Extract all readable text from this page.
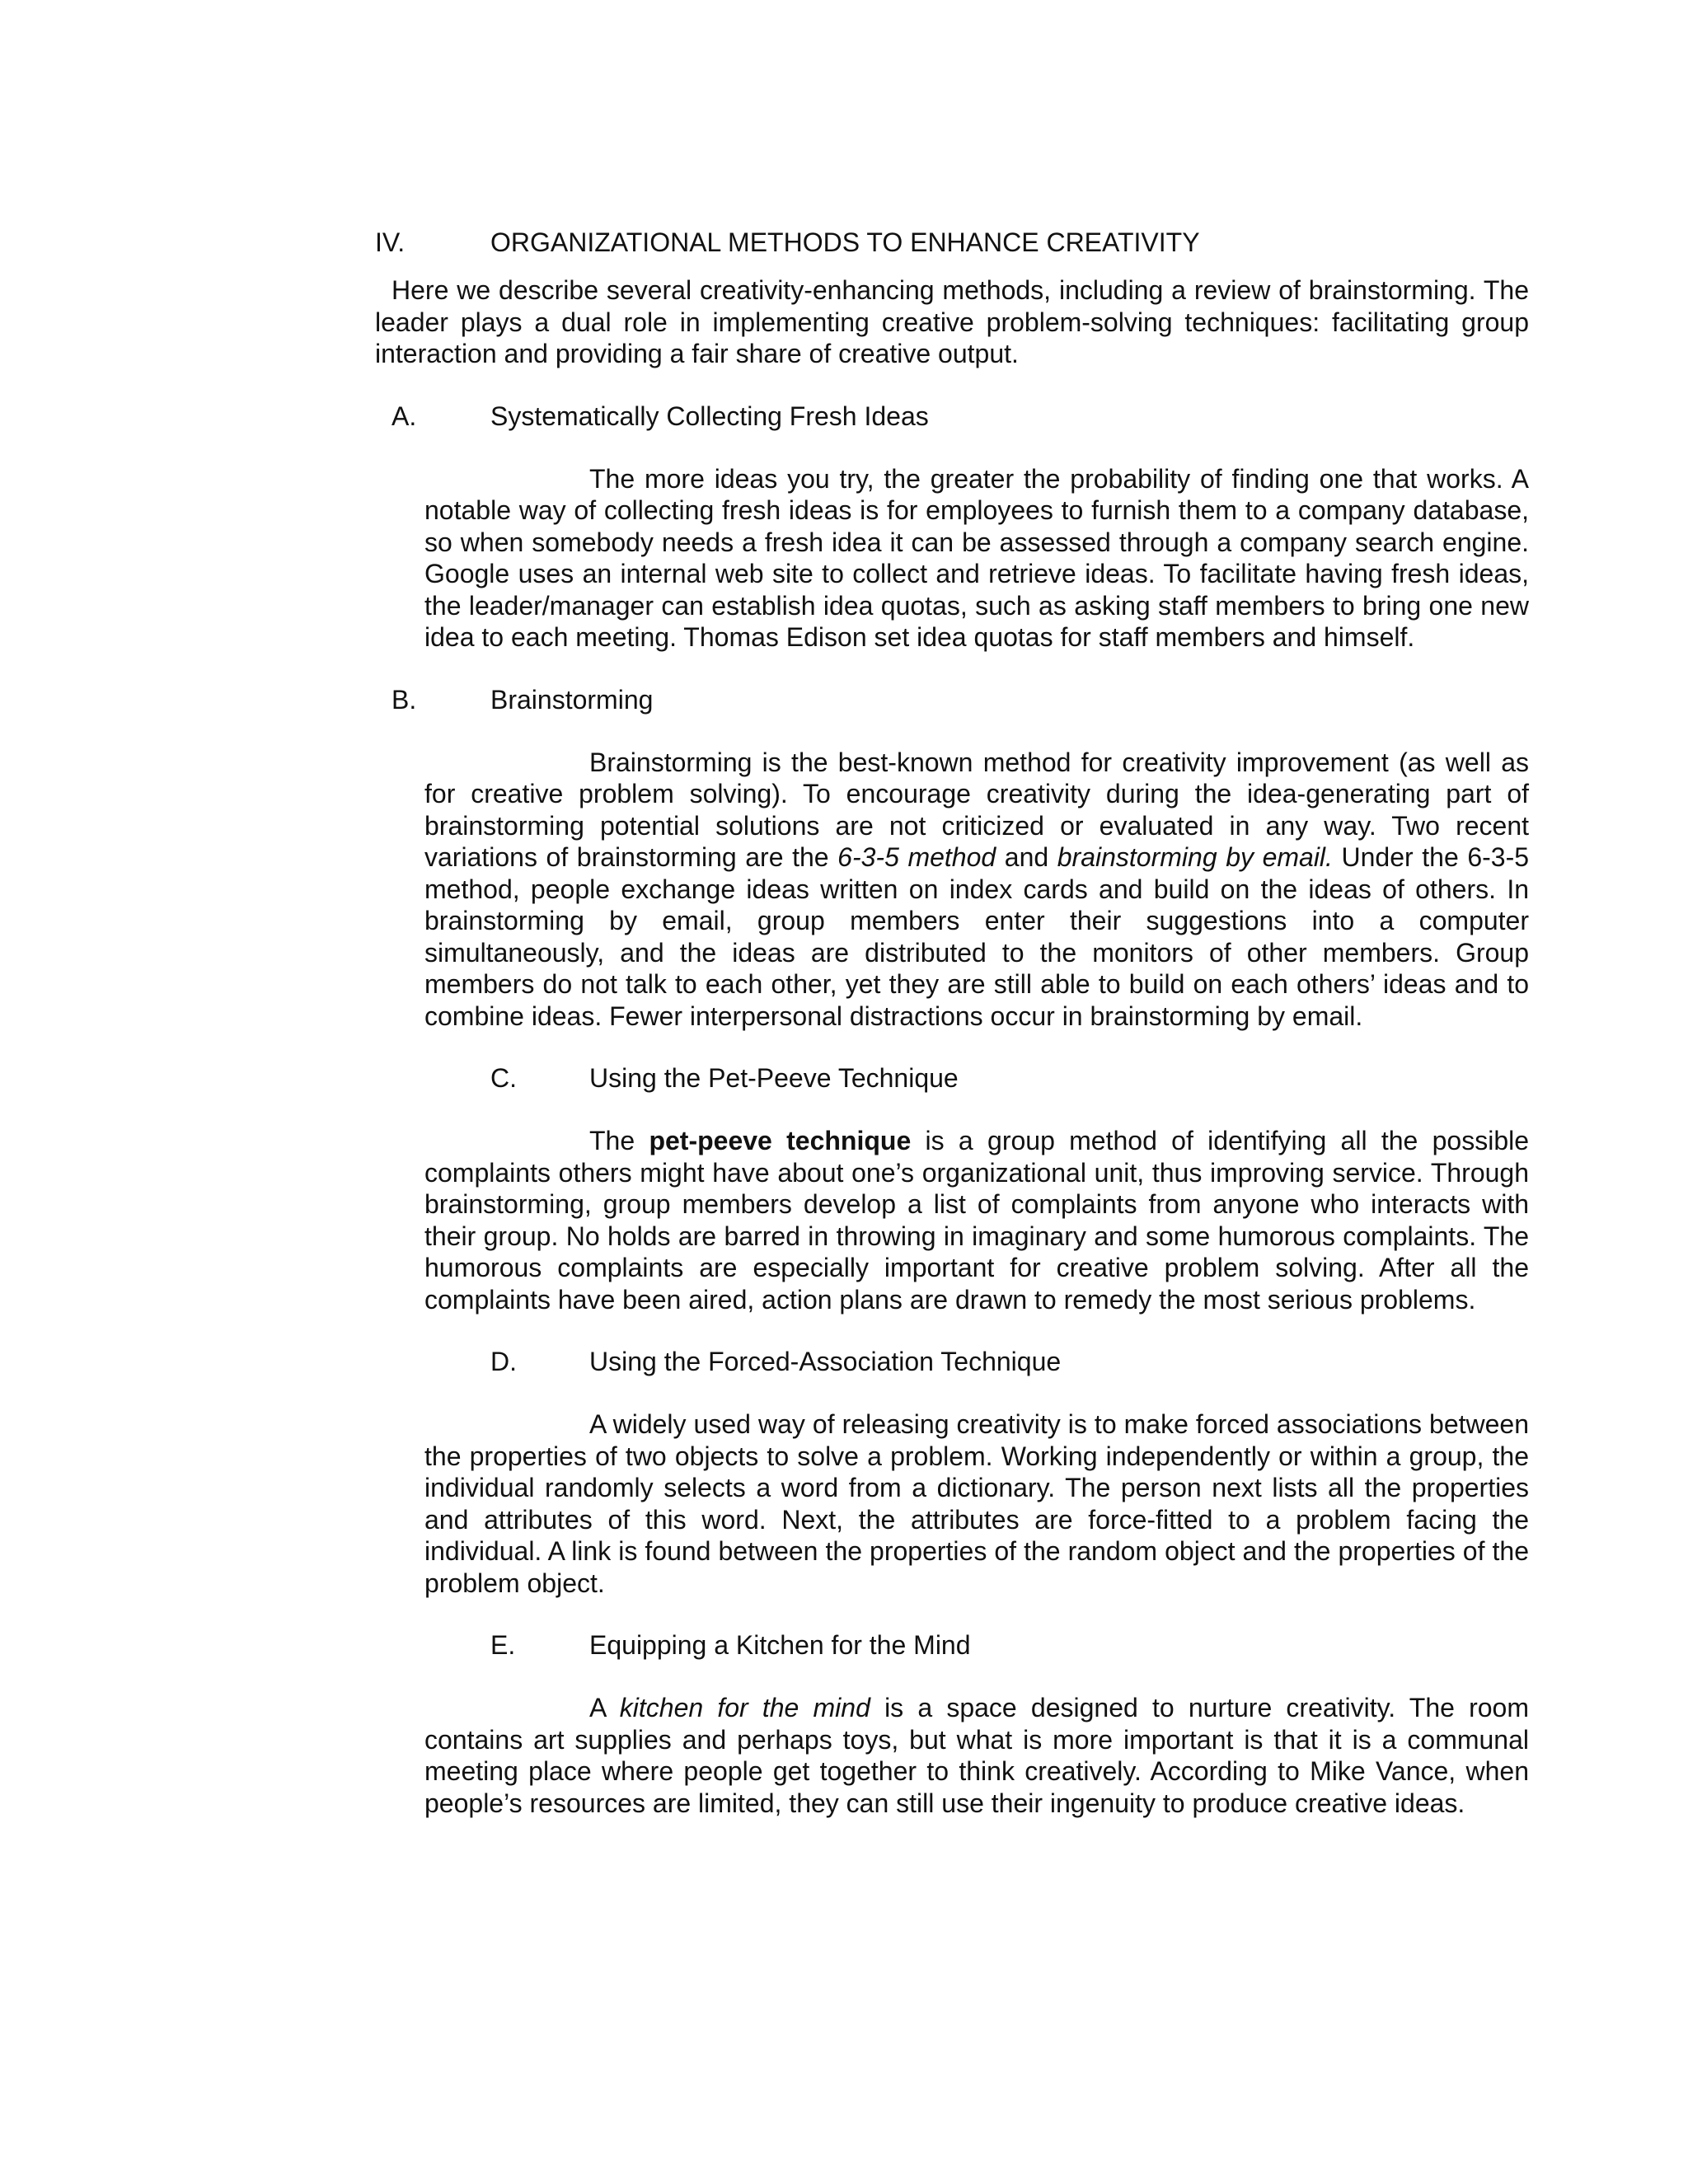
IV.	ORGANIZATIONAL METHODS TO ENHANCE CREATIVITY

Here we describe several creativity-enhancing methods, including a review of brainstorming. The leader plays a dual role in implementing creative problem-solving techniques: facilitating group interaction and providing a fair share of creative output.

A.	Systematically Collecting Fresh Ideas

The more ideas you try, the greater the probability of finding one that works. A notable way of collecting fresh ideas is for employees to furnish them to a company database, so when somebody needs a fresh idea it can be assessed through a company search engine. Google uses an internal web site to collect and retrieve ideas. To facilitate having fresh ideas, the leader/manager can establish idea quotas, such as asking staff members to bring one new idea to each meeting. Thomas Edison set idea quotas for staff members and himself.

B.	Brainstorming

Brainstorming is the best-known method for creativity improvement (as well as for creative problem solving). To encourage creativity during the idea-generating part of brainstorming potential solutions are not criticized or evaluated in any way. Two recent variations of brainstorming are the 6-3-5 method and brainstorming by email. Under the 6-3-5 method, people exchange ideas written on index cards and build on the ideas of others. In brainstorming by email, group members enter their suggestions into a computer simultaneously, and the ideas are distributed to the monitors of other members. Group members do not talk to each other, yet they are still able to build on each others’ ideas and to combine ideas. Fewer interpersonal distractions occur in brainstorming by email.

C.	Using the Pet-Peeve Technique

The pet-peeve technique is a group method of identifying all the possible complaints others might have about one’s organizational unit, thus improving service. Through brainstorming, group members develop a list of complaints from anyone who interacts with their group. No holds are barred in throwing in imaginary and some humorous complaints. The humorous complaints are especially important for creative problem solving. After all the complaints have been aired, action plans are drawn to remedy the most serious problems.

D.	Using the Forced-Association Technique

A widely used way of releasing creativity is to make forced associations between the properties of two objects to solve a problem. Working independently or within a group, the individual randomly selects a word from a dictionary. The person next lists all the properties and attributes of this word. Next, the attributes are force-fitted to a problem facing the individual. A link is found between the properties of the random object and the properties of the problem object.

E.	Equipping a Kitchen for the Mind

A kitchen for the mind is a space designed to nurture creativity. The room contains art supplies and perhaps toys, but what is more important is that it is a communal meeting place where people get together to think creatively. According to Mike Vance, when people’s resources are limited, they can still use their ingenuity to produce creative ideas.
